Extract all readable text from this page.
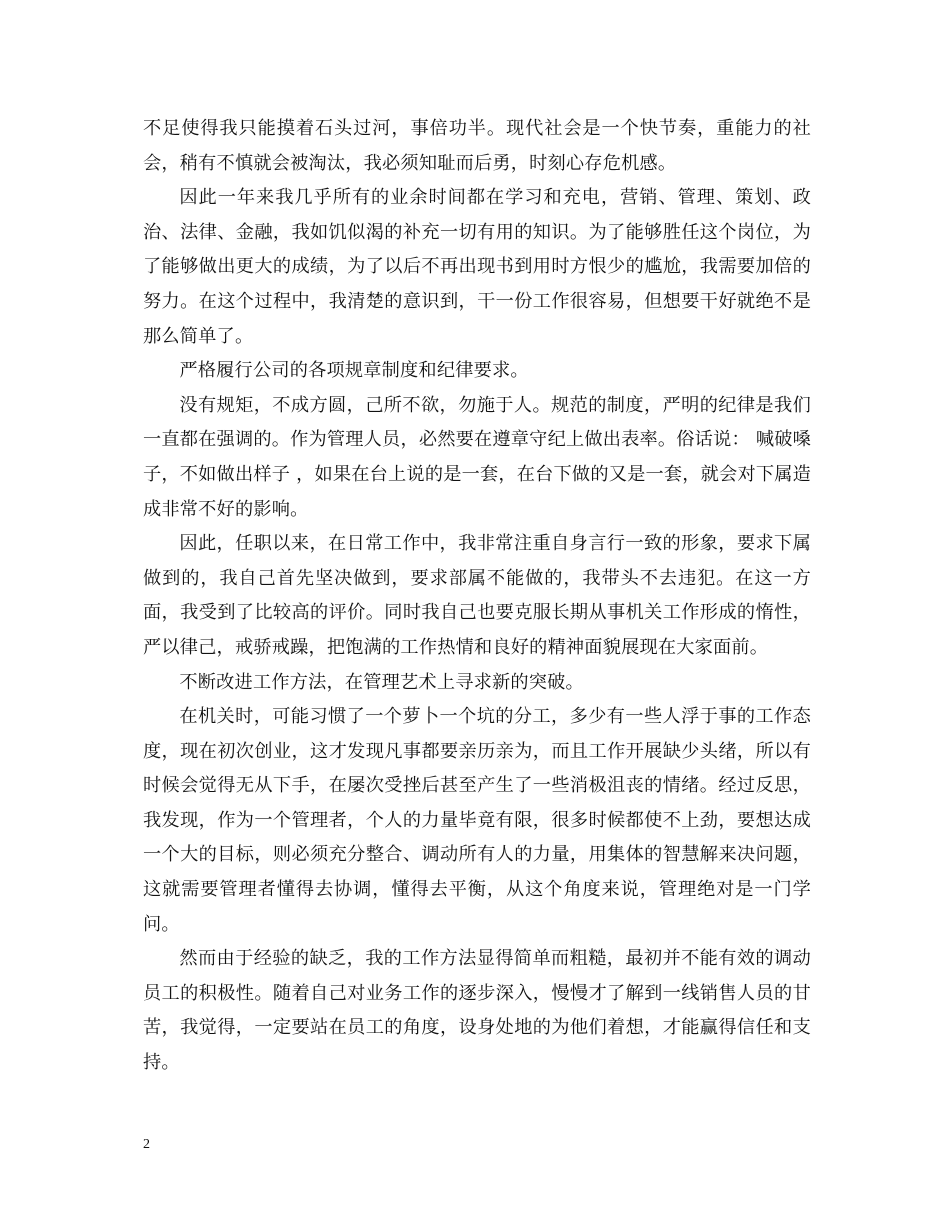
不足使得我只能摸着石头过河，事倍功半。现代社会是一个快节奏，重能力的社会，稍有不慎就会被淘汰，我必须知耻而后勇，时刻心存危机感。

因此一年来我几乎所有的业余时间都在学习和充电，营销、管理、策划、政治、法律、金融，我如饥似渴的补充一切有用的知识。为了能够胜任这个岗位，为了能够做出更大的成绩，为了以后不再出现书到用时方恨少的尴尬，我需要加倍的努力。在这个过程中，我清楚的意识到，干一份工作很容易，但想要干好就绝不是那么简单了。

严格履行公司的各项规章制度和纪律要求。

没有规矩，不成方圆，己所不欲，勿施于人。规范的制度，严明的纪律是我们一直都在强调的。作为管理人员，必然要在遵章守纪上做出表率。俗话说： 喊破嗓子，不如做出样子 ，如果在台上说的是一套，在台下做的又是一套，就会对下属造成非常不好的影响。

因此，任职以来，在日常工作中，我非常注重自身言行一致的形象，要求下属做到的，我自己首先坚决做到，要求部属不能做的，我带头不去违犯。在这一方面，我受到了比较高的评价。同时我自己也要克服长期从事机关工作形成的惰性，严以律己，戒骄戒躁，把饱满的工作热情和良好的精神面貌展现在大家面前。

不断改进工作方法，在管理艺术上寻求新的突破。

在机关时，可能习惯了一个萝卜一个坑的分工，多少有一些人浮于事的工作态度，现在初次创业，这才发现凡事都要亲历亲为，而且工作开展缺少头绪，所以有时候会觉得无从下手，在屡次受挫后甚至产生了一些消极沮丧的情绪。经过反思，我发现，作为一个管理者，个人的力量毕竟有限，很多时候都使不上劲，要想达成一个大的目标，则必须充分整合、调动所有人的力量，用集体的智慧解来决问题，这就需要管理者懂得去协调，懂得去平衡，从这个角度来说，管理绝对是一门学问。

然而由于经验的缺乏，我的工作方法显得简单而粗糙，最初并不能有效的调动员工的积极性。随着自己对业务工作的逐步深入，慢慢才了解到一线销售人员的甘苦，我觉得，一定要站在员工的角度，设身处地的为他们着想，才能赢得信任和支持。

2
